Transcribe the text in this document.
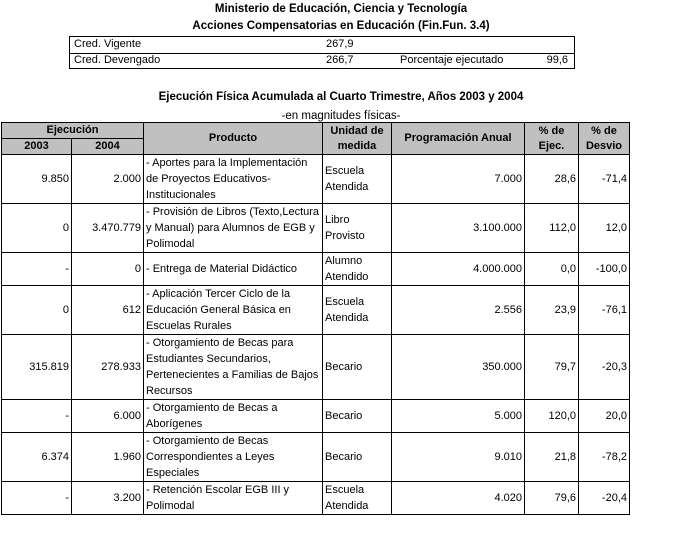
Ministerio de Educación, Ciencia y Tecnología
Acciones Compensatorias en Educación (Fin.Fun. 3.4)
Cred. Vigente	267,9
Cred. Devengado	266,7	Porcentaje ejecutado	99,6
Ejecución Física Acumulada al Cuarto Trimestre, Años 2003 y 2004
-en magnitudes físicas-
Ejecución		Producto	Unidad de medida	Programación Anual	% de Ejec.	% de Desvio
2003	2004					
9.850	2.000	- Aportes para la Implementación de Proyectos Educativos-Institucionales	Escuela Atendida	7.000	28,6	-71,4
0	3.470.779	- Provisión de Libros (Texto,Lectura y Manual) para Alumnos de EGB y Polimodal	Libro Provisto	3.100.000	112,0	12,0
-	0	- Entrega de Material Didáctico	Alumno Atendido	4.000.000	0,0	-100,0
0	612	- Aplicación Tercer Ciclo de la Educación General Básica en Escuelas Rurales	Escuela Atendida	2.556	23,9	-76,1
315.819	278.933	- Otorgamiento de Becas para Estudiantes Secundarios, Pertenecientes a Familias de Bajos Recursos	Becario	350.000	79,7	-20,3
-	6.000	- Otorgamiento de Becas a Aborígenes	Becario	5.000	120,0	20,0
6.374	1.960	- Otorgamiento de Becas Correspondientes a Leyes Especiales	Becario	9.010	21,8	-78,2
-	3.200	- Retención Escolar EGB III y Polimodal	Escuela Atendida	4.020	79,6	-20,4
